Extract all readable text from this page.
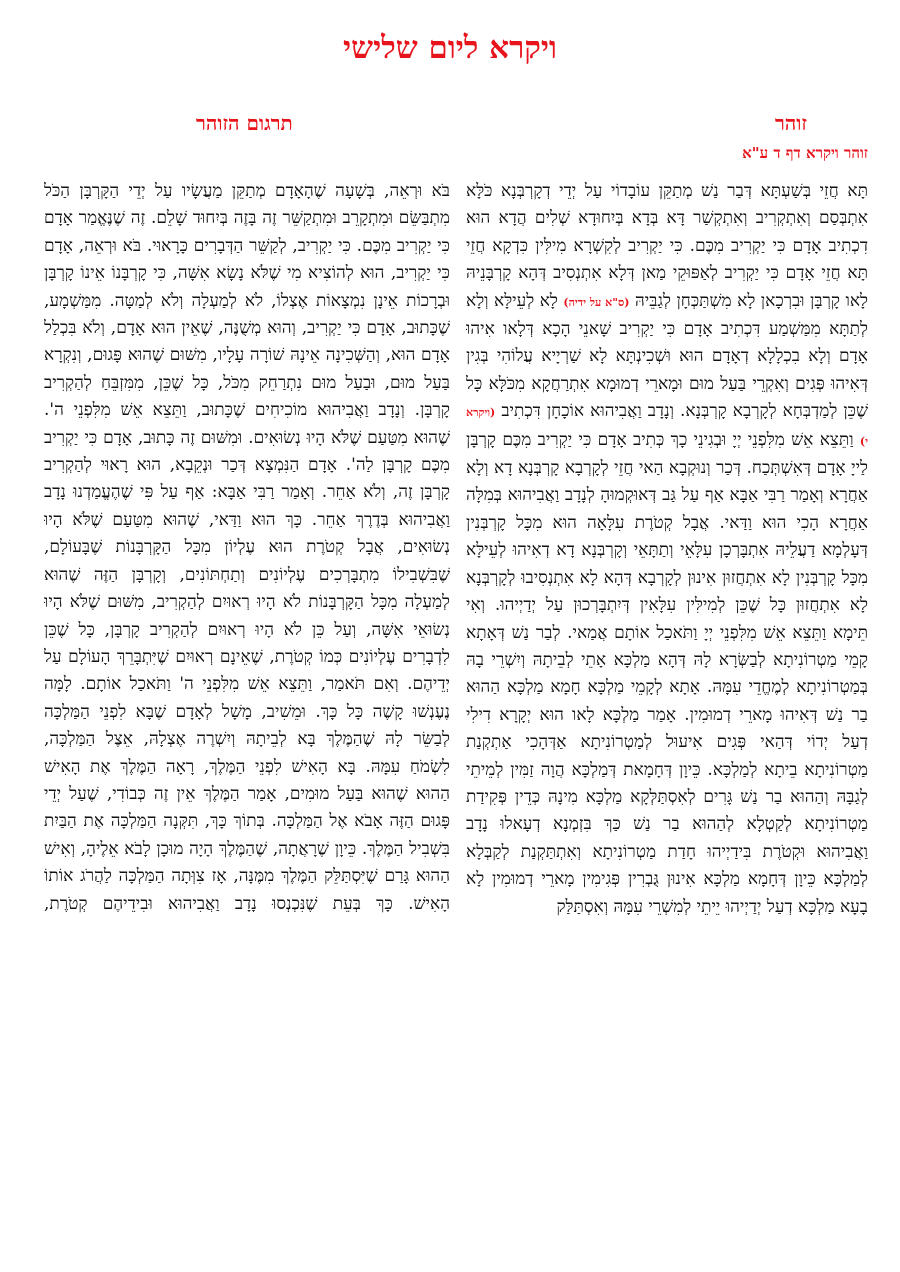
ויקרא ליום שלישי
זוהר
תרגום הזוהר
זוהר ויקרא דף ד ע"א

תָּא חֲזֵי בְּשַׁעְתָּא דְּבַר נַשׁ מְתַקֵּן עוֹבָדוֹי עַל יְדֵי דְקָרְבְּנָא כֹּלָּא אִתְבְּסַם וְאִתְקְרִיב וְאִתְקְשַׁר דָּא בְּדָא בְּיִחוּדָא שְׁלִים הֲדָא הוּא דִכְתִיב אָדָם כִּי יַקְרִיב מִכֶּם. כִּי יַקְרִיב לְקִשְׁרָא מִילִּין כִּדְקָא חֲזֵי תָּא חֲזֵי אָדָם כִּי יַקְרִיב לְאַפּוּקֵי מַאן דְּלָא אִתְנְסִיב דְּהָא קָרְבָּנֵיהּ לָאו קָרְבָּן וּבִרְכָאן לָא מִשְׁתַּכְּחָן לְגַבֵּיהּ (ס"א על ידיה) לָא לְעֵילָּא וְלָא לְתַתָּא מִמַּשְׁמַע דִּכְתִיב אָדָם כִּי יַקְרִיב שָׁאנֵי הָכָא דְּלָאו אִיהוּ אָדָם וְלָא בִכְלָלָא דְאָדָם הוּא וּשְׁכִינְתָּא לָא שַׁרְיָיא עֲלוֹהִי בְּגִין דְּאִיהוּ פְּגִים וְאִקְרֵי בַּעַל מוּם וּמָארֵי דְמוּמָא אִתְרַחֲקָא מִכֹּלָּא כָּל שֶׁכֵּן לְמַדְבְּחָא לְקָרְבָא קָרְבְּנָא. וְנָדָב וַאֲבִיהוּא אוֹכָחָן דִּכְתִיב (ויקרא י) וַתֵּצֵא אֵשׁ מִלִּפְנֵי יְיָ וּבְגִינֵי כָךְ כְּתִיב אָדָם כִּי יַקְרִיב מִכֶּם קָרְבָּן לַייָ אָדָם דְּאִשְׁתְּכַח. דְּכַר וְנוּקְבָא הַאי חֲזֵי לְקָרְבָא קָרְבְּנָא דָא וְלָא אַחֲרָא וְאָמַר רַבִּי אַבָּא אַף עַל גַּב דְּאוּקְמוּהָ לְנָדָב וַאֲבִיהוּא בְּמִלָּה אַחֲרָא הָכִי הוּא וַדַּאי. אֲבָל קְטֹרֶת עִלָּאָה הוּא מִכָּל קָרְבְּנִין דְּעָלְמָא דַעֲלֵיהּ אִתְבָּרְכָן עִלָּאֵי וְתַתָּאֵי וְקָרְבְּנָא דָא דְאִיהוּ לְעֵילָּא מִכָּל קָרְבְּנִין לָא אִתְחֲזוּן אִינוּן לְקָרְבָא דְּהָא לָא אִתְנְסִיבוּ לְקָרְבְּנָא לָא אִתְחֲזוּן כָּל שֶׁכֵּן לְמִילִּין עִלָּאִין דְּיִתְבָּרְכוּן עַל יְדַיְיהוּ. וְאִי תֵּימָא וַתֵּצֵא אֵשׁ מִלִּפְנֵי יְיָ וַתֹּאכַל אוֹתָם אֲמַאי. לְבַר נַשׁ דְּאָתָא קָמֵי מַטְרוֹנִיתָא לְבַשְּׂרָא לָהּ דְּהָא מַלְכָּא אָתֵי לְבֵיתָהּ וְיִשְׁרֵי בָהּ בְּמַטְרוֹנִיתָא לְמֶחֱדֵי עִמָּהּ. אָתָא לְקָמֵי מַלְכָּא חָמָא מַלְכָּא הַהוּא בַר נַשׁ דְּאִיהוּ מָארֵי דְמוּמִין. אָמַר מַלְכָּא לָאו הוּא יְקָרָא דִילִי דְעַל יְדוֹי דְּהַאי פְּגִים אִיעוּל לְמַטְרוֹנִיתָא אַדְּהָכִי אַתְקְנַת מַטְרוֹנִיתָא בֵיתָא לְמַלְכָּא. כֵּיוָן דְּחָמָאת דְּמַלְכָּא הֲוָה זַמִּין לְמֵיתֵי לְגַבָּהּ וְהַהוּא בַר נַשׁ גָּרִים לְאִסְתַּלְּקָא מַלְכָּא מִינָהּ כְּדֵין פְּקִידַת מַטְרוֹנִיתָא לְקַטְלָא לְהַהוּא בַר נַשׁ כַּךְ בִּזְמְנָא דְעָאלוּ נָדָב וַאֲבִיהוּא וּקְטֹרֶת בִּידַיְיהוּ חָדַת מַטְרוֹנִיתָא וְאִתְתַּקְנַת לְקַבְּלָא לְמַלְכָּא כֵּיוָן דְּחָמָא מַלְכָּא אִינוּן גֻּבְרִין פְּגִימִין מָארֵי דְמוּמִין לָא בָעָא מַלְכָּא דְעַל יְדַיְיהוּ יֵיתֵי לְמִשְׁרֵי עִמָּהּ וְאִסְתַּלַּק

בֹּא וּרְאֵה, בְּשָׁעָה שֶׁהָאָדָם מְתַקֵּן מַעֲשָׂיו עַל יְדֵי הַקָּרְבָּן הַכֹּל מִתְבַּשֵּׂם וּמִתְקָרֵב וּמִתְקַשֵּׁר זֶה בָּזֶה בְּיִחוּד שָׁלֵם. זֶה שֶׁנֶּאֱמַר אָדָם כִּי יַקְרִיב מִכֶּם. כִּי יַקְרִיב, לְקַשֵּׁר הַדְּבָרִים כָּרָאוּי. בֹּא וּרְאֵה, אָדָם כִּי יַקְרִיב, הוּא לְהוֹצִיא מִי שֶׁלֹּא נָשָׂא אִשָּׁה, כִּי קָרְבָּנוֹ אֵינוֹ קָרְבָּן וּבְרָכוֹת אֵינָן נִמְצָאוֹת אֶצְלוֹ, לֹא לְמַעְלָה וְלֹא לְמַטָּה. מִמַּשְׁמָע, שֶׁכָּתוּב, אָדָם כִּי יַקְרִיב, וְהוּא מְשֻׁנֶּה, שֶׁאֵין הוּא אָדָם, וְלֹא בִּכְלַל אָדָם הוּא, וְהַשְּׁכִינָה אֵינָהּ שׁוֹרָה עָלָיו, מִשּׁוּם שֶׁהוּא פָּגוּם, וְנִקְרָא בַּעַל מוּם, וּבַעַל מוּם נִתְרַחֵק מִכֹּל, כָּל שֶׁכֵּן, מִמִּזְבֵּחַ לְהַקְרִיב קָרְבָּן. וְנָדָב וַאֲבִיהוּא מוֹכִיחִים שֶׁכָּתוּב, וַתֵּצֵא אֵשׁ מִלִּפְנֵי ה'. שֶׁהוּא מִטַּעַם שֶׁלֹּא הָיוּ נְשׂוּאִים. וּמִשּׁוּם זֶה כָּתוּב, אָדָם כִּי יַקְרִיב מִכֶּם קָרְבָּן לַה'. אָדָם הַנִּמְצָא דְּכַר וּנְקֵבָא, הוּא רָאוּי לְהַקְרִיב קָרְבָּן זֶה, וְלֹא אַחֵר. וְאָמַר רַבִּי אַבָּא: אַף עַל פִּי שֶׁהֶעֱמַדְנוּ נָדָב וַאֲבִיהוּא בְּדֶרֶךְ אַחֵר. כָּךְ הוּא וַדַּאי, שֶׁהוּא מִטַּעַם שֶׁלֹּא הָיוּ נְשׂוּאִים, אֲבָל קְטֹרֶת הוּא עֶלְיוֹן מִכָּל הַקָּרְבָּנוֹת שֶׁבָּעוֹלָם, שֶׁבִּשְׁבִילוֹ מִתְבָּרְכִים עֶלְיוֹנִים וְתַחְתּוֹנִים, וְקָרְבָּן הַזֶּה שֶׁהוּא לְמַעְלָה מִכָּל הַקָּרְבָּנוֹת לֹא הָיוּ רְאוּיִם לְהַקְרִיב, מִשּׁוּם שֶׁלֹּא הָיוּ נְשׂוּאֵי אִשָּׁה, וְעַל כֵּן לֹא הָיוּ רְאוּיִם לְהַקְרִיב קָרְבָּן, כָּל שֶׁכֵּן לִדְבָרִים עֶלְיוֹנִים כְּמוֹ קְטֹרֶת, שֶׁאֵינָם רְאוּיִם שֶׁיִּתְבָּרֵךְ הָעוֹלָם עַל יְדֵיהֶם. וְאִם תֹּאמַר, וַתֵּצֵא אֵשׁ מִלִּפְנֵי ה' וַתֹּאכַל אוֹתָם. לָמָּה נֶעֶנְשׁוּ קָשֶׁה כָּל כָּךְ. וּמֵשִׁיב, מָשָׁל לְאָדָם שֶׁבָּא לִפְנֵי הַמַּלְכָּה לְבַשֵּׂר לָהּ שֶׁהַמֶּלֶךְ בָּא לְבֵיתָהּ וְיִשְׁרֶה אֶצְלָהּ, אֵצֶל הַמַּלְכָּה, לִשְׂמֹחַ עִמָּהּ. בָּא הָאִישׁ לִפְנֵי הַמֶּלֶךְ, רָאָה הַמֶּלֶךְ אֶת הָאִישׁ הַהוּא שֶׁהוּא בַּעַל מוּמִים, אָמַר הַמֶּלֶךְ אֵין זֶה כְּבוֹדִי, שֶׁעַל יְדֵי פָּגוּם הַזֶּה אָבֹא אֶל הַמַּלְכָּה. בְּתוֹךְ כָּךְ, תִּקְּנָה הַמַּלְכָּה אֶת הַבַּיִת בִּשְׁבִיל הַמֶּלֶךְ. כֵּיוָן שֶׁרָאֲתָה, שֶׁהַמֶּלֶךְ הָיָה מוּכָן לָבֹא אֵלֶיהָ, וְאִישׁ הַהוּא גָּרַם שֶׁיִּסְתַּלֵּק הַמֶּלֶךְ מִמֶּנָּה, אָז צִוְּתָה הַמַּלְכָּה לַהֲרֹג אוֹתוֹ הָאִישׁ. כָּךְ בְּעֵת שֶׁנִּכְנְסוּ נָדָב וַאֲבִיהוּא וּבִידֵיהֶם קְטֹרֶת,
